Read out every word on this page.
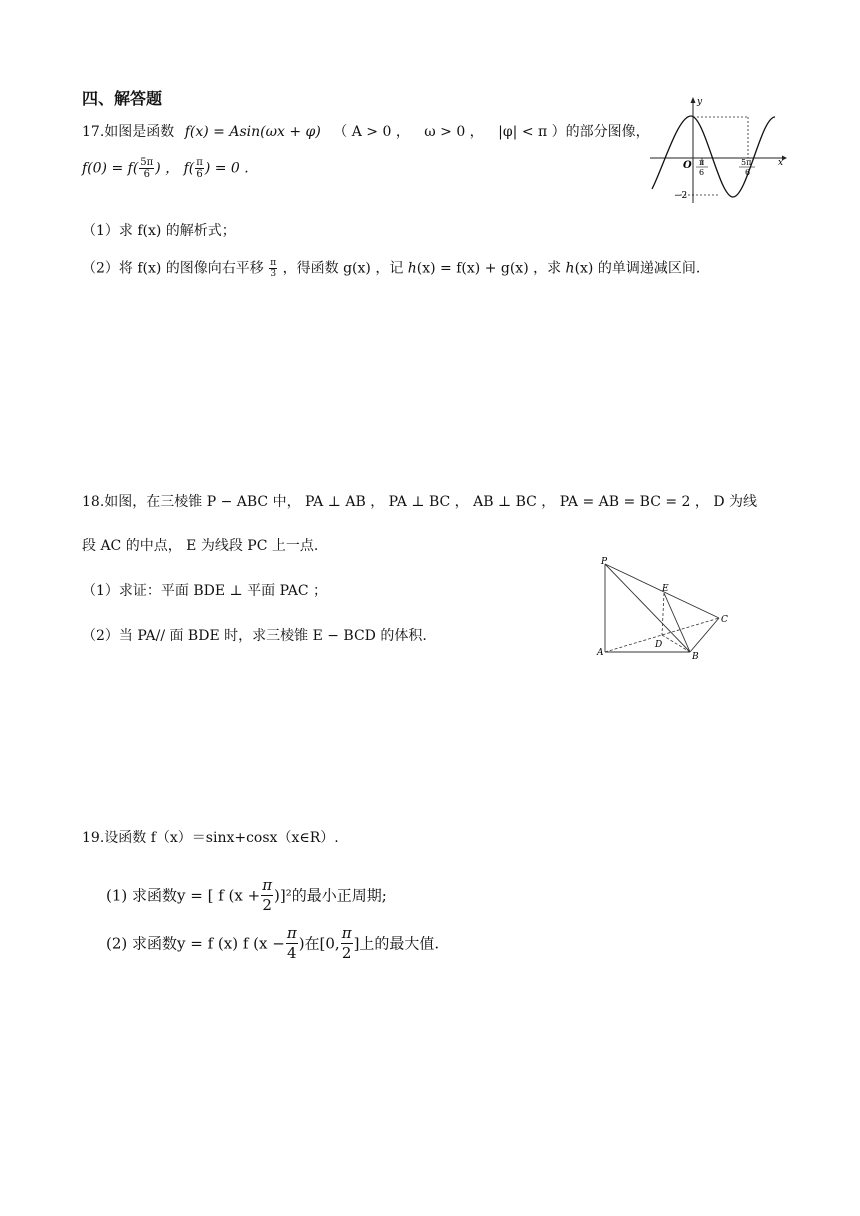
四、解答题
17.如图是函数 f(x) = Asin(ωx + φ) （ A > 0 ， ω > 0 ， |φ| < π ）的部分图像，
$f(0) = f( \frac{5\pi}{6}$ ) ， $f( \frac{\pi}{6}$ ) = 0 .
（1）求 f(x) 的解析式；
（2）将 f(x) 的图像向右平移 $\frac{\pi}{3}$ ，得函数 g(x) ，记 ℎ(x) = f(x) + g(x) ，求 ℎ(x) 的单调递减区间.
y
x
O π
6
5π
6
−2
18.如图，在三棱锥 P − ABC 中， PA ⊥ AB ， PA ⊥ BC ， AB ⊥ BC ， PA = AB = BC = 2 ， D 为线
段 AC 的中点， E 为线段 PC 上一点.
（1）求证：平面 BDE ⊥ 平面 PAC ；
（2）当 PA// 面 BDE 时，求三棱锥 E − BCD 的体积.
P
E
C
D
A	B
19.设函数 f（x）＝sinx+cosx（x∈R）.
(1) 求函数y = [ f $(x + \frac{\pi}{2} )]^2$的最小正周期;
(2) 求函数y = f (x) f ($x - \frac{\pi}{4}$ )在[0, $\frac{\pi}{2}$ ]上的最大值.
